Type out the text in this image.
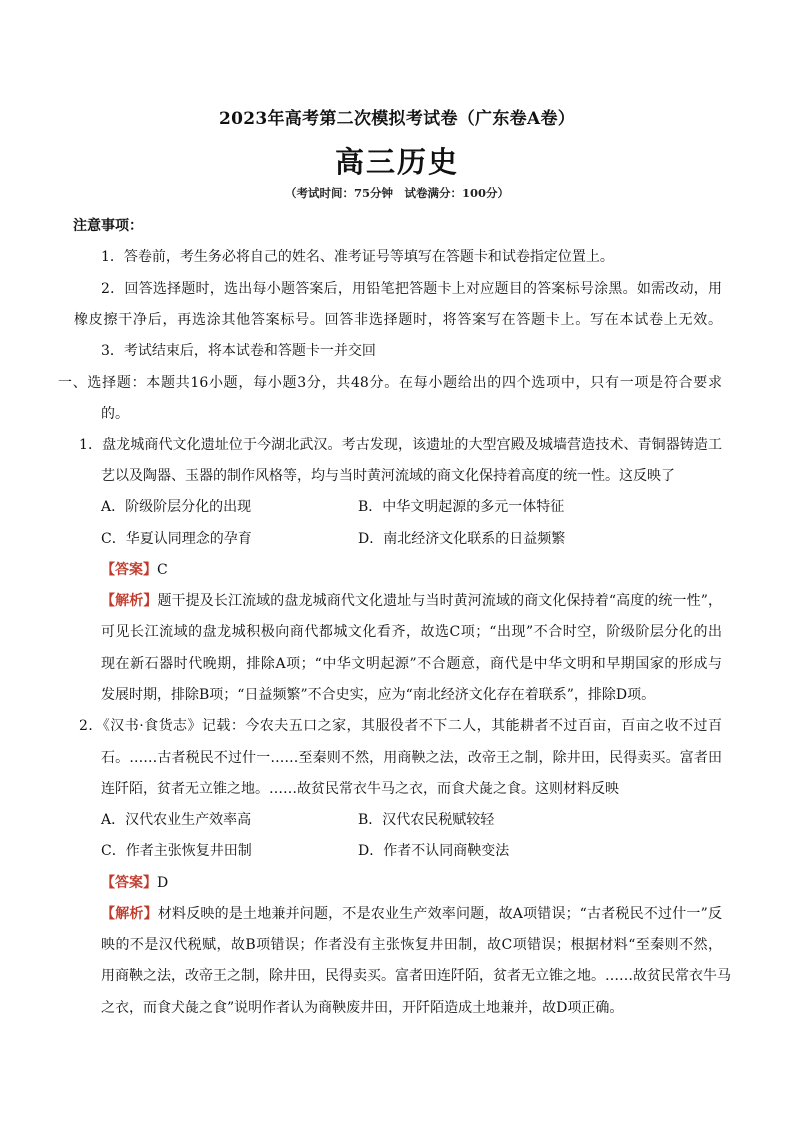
2023年高考第二次模拟考试卷（广东卷A卷）
高三历史
（考试时间：75分钟　试卷满分：100分）
注意事项：
1．答卷前，考生务必将自己的姓名、准考证号等填写在答题卡和试卷指定位置上。
2．回答选择题时，选出每小题答案后，用铅笔把答题卡上对应题目的答案标号涂黑。如需改动，用
橡皮擦干净后，再选涂其他答案标号。回答非选择题时，将答案写在答题卡上。写在本试卷上无效。
3．考试结束后，将本试卷和答题卡一并交回
一、选择题：本题共16小题，每小题3分，共48分。在每小题给出的四个选项中，只有一项是符合要求
的。
1．盘龙城商代文化遗址位于今湖北武汉。考古发现，该遗址的大型宫殿及城墙营造技术、青铜器铸造工
艺以及陶器、玉器的制作风格等，均与当时黄河流域的商文化保持着高度的统一性。这反映了
A．阶级阶层分化的出现	B．中华文明起源的多元一体特征
C．华夏认同理念的孕育	D．南北经济文化联系的日益频繁
【答案】C
【解析】题干提及长江流域的盘龙城商代文化遗址与当时黄河流域的商文化保持着“高度的统一性”，
可见长江流域的盘龙城积极向商代都城文化看齐，故选C项；“出现”不合时空，阶级阶层分化的出
现在新石器时代晚期，排除A项；“中华文明起源”不合题意，商代是中华文明和早期国家的形成与
发展时期，排除B项；“日益频繁”不合史实，应为“南北经济文化存在着联系”，排除D项。
2．《汉书·食货志》记载：今农夫五口之家，其服役者不下二人，其能耕者不过百亩，百亩之收不过百
石。……古者税民不过什一……至秦则不然，用商鞅之法，改帝王之制，除井田，民得卖买。富者田
连阡陌，贫者无立锥之地。……故贫民常衣牛马之衣，而食犬彘之食。这则材料反映
A．汉代农业生产效率高	B．汉代农民税赋较轻
C．作者主张恢复井田制	D．作者不认同商鞅变法
【答案】D
【解析】材料反映的是土地兼并问题，不是农业生产效率问题，故A项错误；“古者税民不过什一”反
映的不是汉代税赋，故B项错误；作者没有主张恢复井田制，故C项错误；根据材料“至秦则不然，
用商鞅之法，改帝王之制，除井田，民得卖买。富者田连阡陌，贫者无立锥之地。……故贫民常衣牛马
之衣，而食犬彘之食”说明作者认为商鞅废井田，开阡陌造成土地兼并，故D项正确。
